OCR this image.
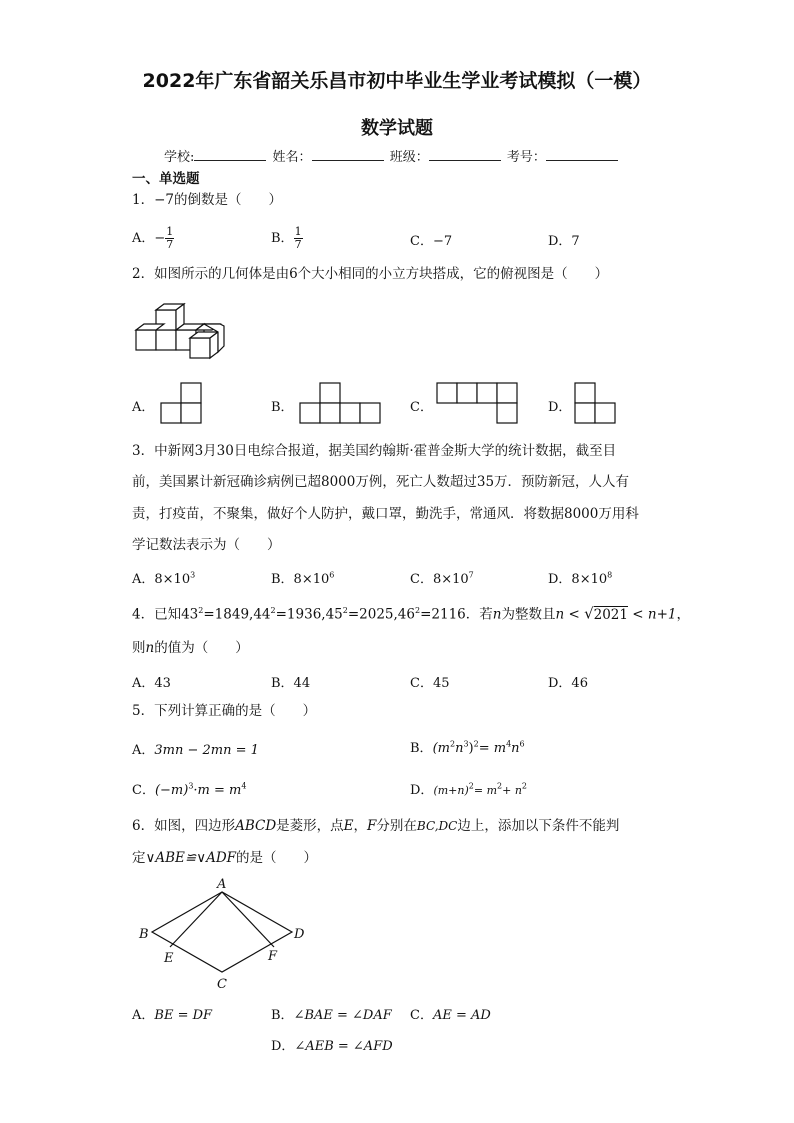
2022年广东省韶关乐昌市初中毕业生学业考试模拟（一模）
数学试题
学校:	姓名：	班级：	考号：
一、单选题
1．−7的倒数是（　　）
A．− $\frac{1}{7}$	B． $\frac{1}{7}$	C．−7	D．7
2．如图所示的几何体是由6个大小相同的小立方块搭成，它的俯视图是（　　）
A．	B．	C．	D．
3．中新网3月30日电综合报道，据美国约翰斯·霍普金斯大学的统计数据，截至目
前，美国累计新冠确诊病例已超8000万例，死亡人数超过35万．预防新冠，人人有
责，打疫苗，不聚集，做好个人防护，戴口罩，勤洗手，常通风．将数据8000万用科
学记数法表示为（　　）
A．$8\times 10^3$	B．$8\times 10^6$	C．$8\times 10^7$	D．$8\times 10^8$
4．已知$43^2=1849,44^2=1936,45^2=2025,46^2=2116$．若n为整数且n < √2021 < n+1，
则n的值为（　　）
A．43	B．44	C．45	D．46
5．下列计算正确的是（　　）
A．3mn − 2mn = 1	B．$(m^2n^3)^2= m^4n^6$
C．$(-m)^3\cdot m = m^4$	D．$(m+n)^2= m^2+ n^2$
6．如图，四边形ABCD是菱形，点E，F分别在BC,DC边上，添加以下条件不能判
定∨ABE≌∨ADF的是（　　）
A
B	D
E	F
C
A．BE = DF	B．∠BAE = ∠DAF C．AE = AD
D．∠AEB = ∠AFD
